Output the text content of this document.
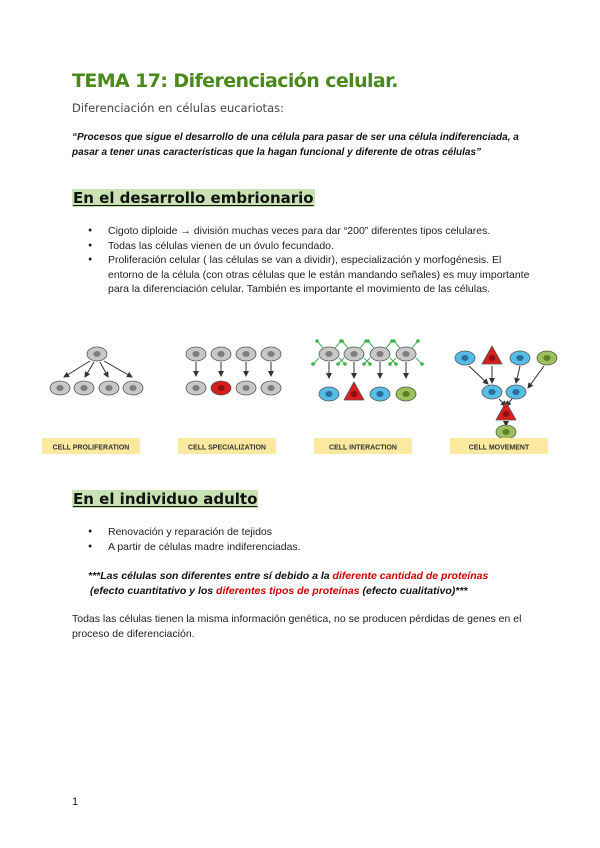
TEMA 17: Diferenciación celular.

Diferenciación en células eucariotas:

“Procesos que sigue el desarrollo de una célula para pasar de ser una célula indiferenciada, a pasar a tener unas características que la hagan funcional y diferente de otras células”

En el desarrollo embrionario
● Cigoto diploide → división muchas veces para dar “200” diferentes tipos celulares.
● Todas las células vienen de un óvulo fecundado.
● Proliferación celular ( las células se van a dividir), especialización y morfogénesis. El entorno de la célula (con otras células que le están mandando señales) es muy importante para la diferenciación celular. También es importante el movimiento de las células.
CELL PROLIFERATION	CELL SPECIALIZATION	CELL INTERACTION	CELL MOVEMENT
En el individuo adulto
● Renovación y reparación de tejidos
● A partir de células madre indiferenciadas.

***Las células son diferentes entre sí debido a la diferente cantidad de proteínas
(efecto cuantitativo y los diferentes tipos de proteínas (efecto cualitativo)***

Todas las células tienen la misma información genética, no se producen pérdidas de genes en el proceso de diferenciación.

1
